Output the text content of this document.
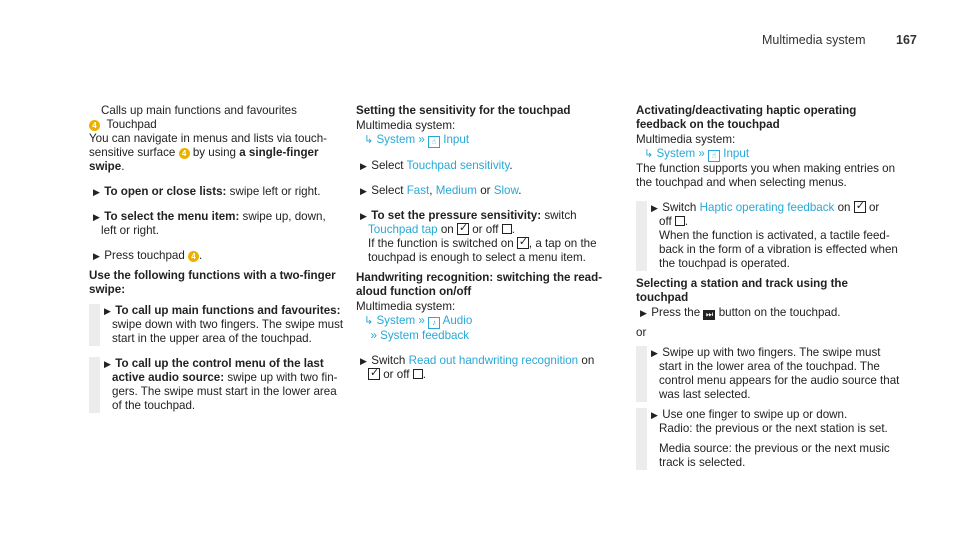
Multimedia system 167

Calls up main functions and favourites

4 Touchpad

You can navigate in menus and lists via touch-
sensitive surface 4 by using a single-finger
swipe.

▶ To open or close lists: swipe left or right.

▶ To select the menu item: swipe up, down,
left or right.

▶ Press touchpad 4 .

Use the following functions with a two-finger swipe:

▶ To call up main functions and favourites: swipe down with two fingers. The swipe must start in the upper area of the touchpad.

▶ To call up the control menu of the last active audio source: swipe up with two fin-gers. The swipe must start in the lower area of the touchpad.

Setting the sensitivity for the touchpad

Multimedia system:

↳ System » ☝ Input

▶ Select Touchpad sensitivity.

▶ Select Fast, Medium or Slow.

▶ To set the pressure sensitivity: switch
Touchpad tap on ✓ or off .
If the function is switched on ✓ , a tap on the touchpad is enough to select a menu item.

Handwriting recognition: switching the read-aloud function on/off

Multimedia system:

↳ System » ♪ Audio
» System feedback

▶ Switch Read out handwriting recognition on
✓ or off .

Activating/deactivating haptic operating feedback on the touchpad

Multimedia system:

↳ System » ☝ Input

The function supports you when making entries on the touchpad and when selecting menus.

▶ Switch Haptic operating feedback on ✓ or
off .
When the function is activated, a tactile feed-back in the form of a vibration is effected when the touchpad is operated.

Selecting a station and track using the touchpad

▶ Press the ⏭ button on the touchpad.

or

▶ Swipe up with two fingers. The swipe must start in the lower area of the touchpad. The control menu appears for the audio source that was last selected.

▶ Use one finger to swipe up or down.

Radio: the previous or the next station is set.

Media source: the previous or the next music track is selected.
